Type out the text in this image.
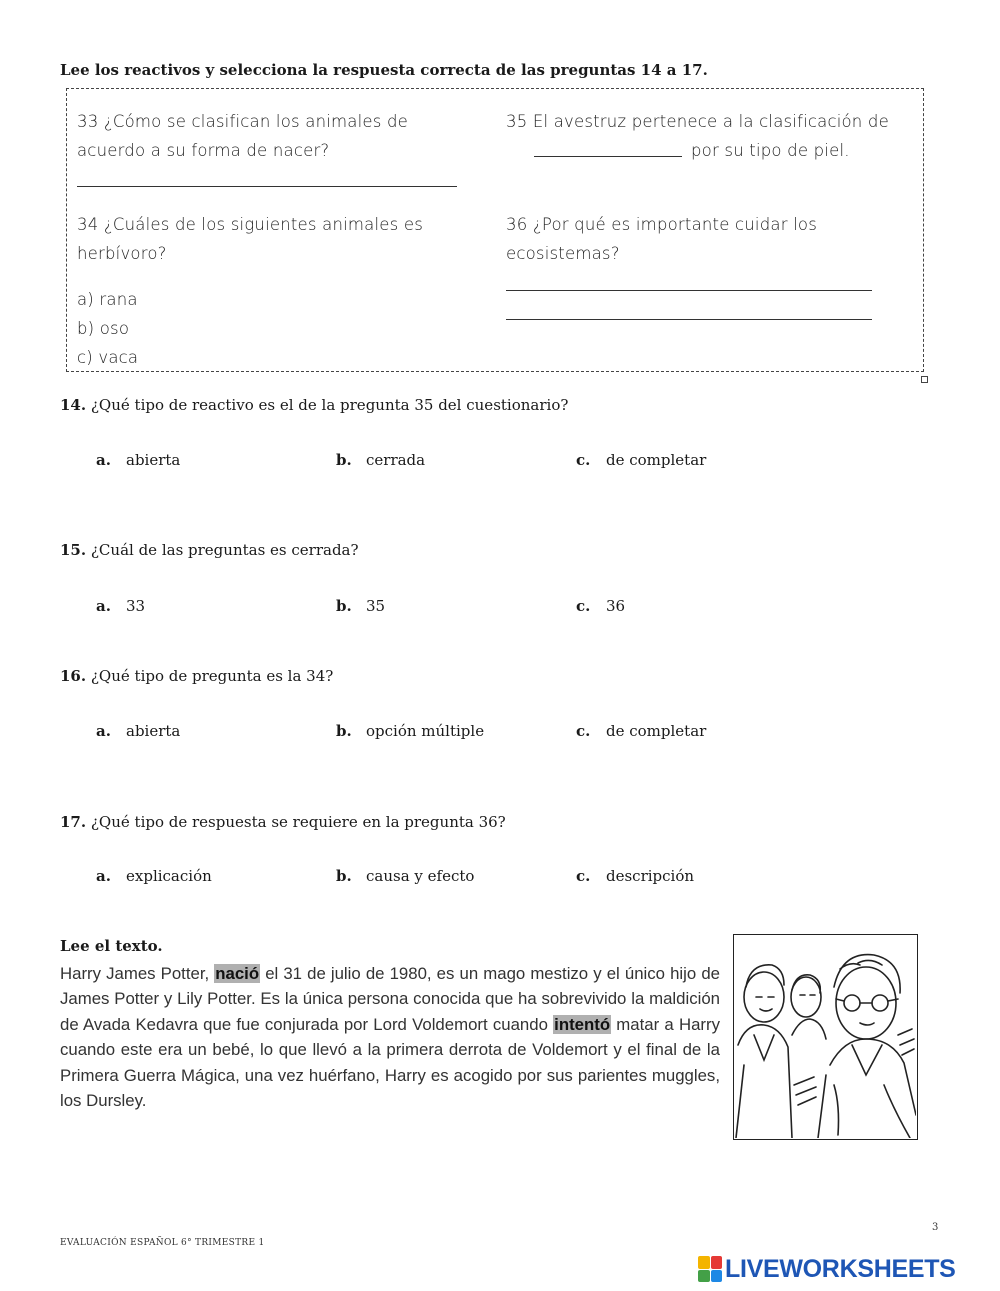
Lee los reactivos y selecciona la respuesta correcta de las preguntas 14 a 17.
33 ¿Cómo se clasifican los animales de
acuerdo a su forma de nacer?
34 ¿Cuáles de los siguientes animales es
herbívoro?
a) rana
b) oso
c) vaca
35 El avestruz pertenece a la clasificación de
por su tipo de piel.
36 ¿Por qué es importante cuidar los
ecosistemas?
14. ¿Qué tipo de reactivo es el de la pregunta 35 del cuestionario?
a. abierta	b. cerrada	c. de completar
15. ¿Cuál de las preguntas es cerrada?
a. 33	b. 35	c. 36
16. ¿Qué tipo de pregunta es la 34?
a. abierta	b. opción múltiple	c. de completar
17. ¿Qué tipo de respuesta se requiere en la pregunta 36?
a. explicación	b. causa y efecto	c. descripción
Lee el texto.
Harry James Potter, nació el 31 de julio de 1980, es un mago mestizo y el único hijo de James Potter y Lily Potter. Es la única persona conocida que ha sobrevivido la maldición de Avada Kedavra que fue conjurada por Lord Voldemort cuando intentó matar a Harry cuando este era un bebé, lo que llevó a la primera derrota de Voldemort y el final de la Primera Guerra Mágica, una vez huérfano, Harry es acogido por sus parientes muggles, los Dursley.
3
EVALUACIÓN ESPAÑOL 6° TRIMESTRE 1
LIVEWORKSHEETS
